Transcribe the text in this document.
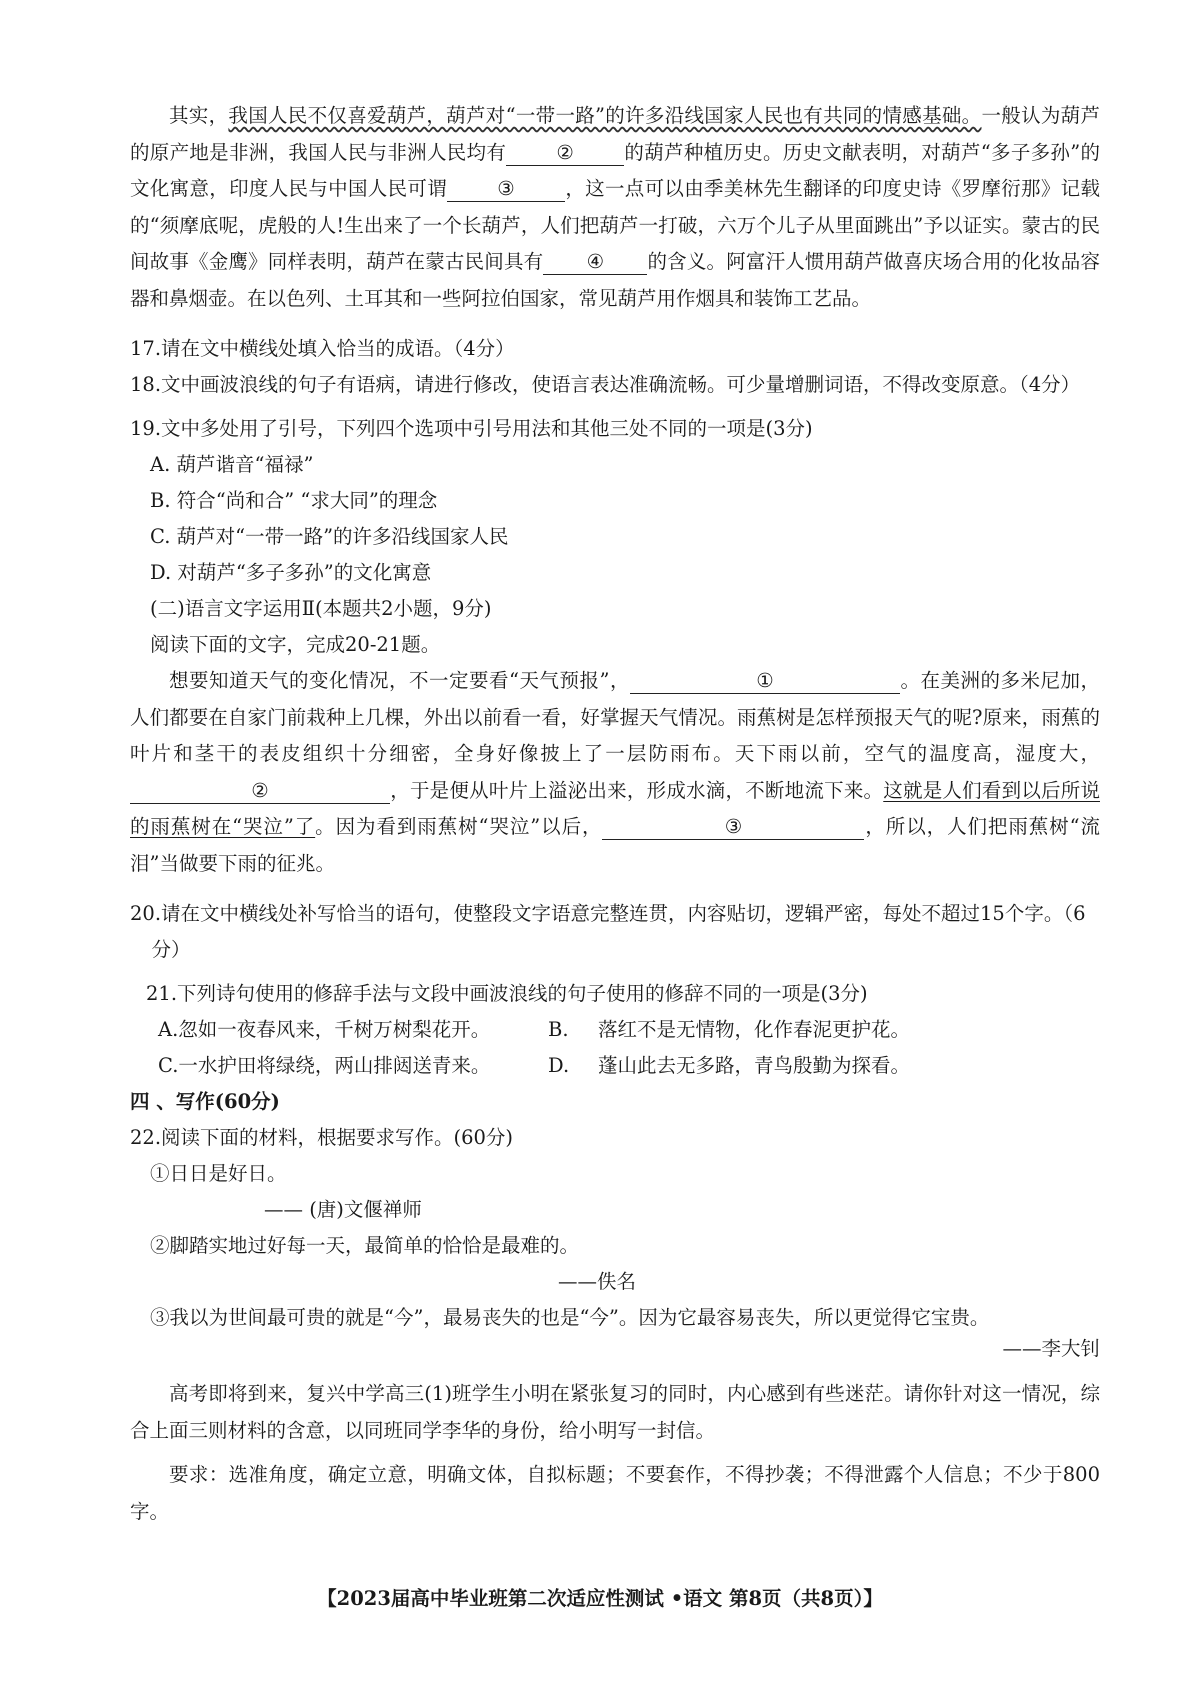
其实，我国人民不仅喜爱葫芦，葫芦对“一带一路”的许多沿线国家人民也有共同的情感基础。一般认为葫芦的原产地是非洲，我国人民与非洲人民均有	②	的葫芦种植历史。历史文献表明，对葫芦“多子多孙”的文化寓意，印度人民与中国人民可谓	③	，这一点可以由季美林先生翻译的印度史诗《罗摩衍那》记载的“须摩底呢，虎般的人!生出来了一个长葫芦，人们把葫芦一打破，六万个儿子从里面跳出”予以证实。蒙古的民间故事《金鹰》同样表明，葫芦在蒙古民间具有 ④ 的含义。阿富汗人惯用葫芦做喜庆场合用的化妆品容器和鼻烟壶。在以色列、土耳其和一些阿拉伯国家，常见葫芦用作烟具和装饰工艺品。

17.请在文中横线处填入恰当的成语。（4分）

18.文中画波浪线的句子有语病，请进行修改，使语言表达准确流畅。可少量增删词语，不得改变原意。（4分）

19.文中多处用了引号，下列四个选项中引号用法和其他三处不同的一项是(3分)

A. 葫芦谐音“福禄”

B. 符合“尚和合” “求大同”的理念

C. 葫芦对“一带一路”的许多沿线国家人民

D. 对葫芦“多子多孙”的文化寓意

(二)语言文字运用Ⅱ(本题共2小题，9分)

阅读下面的文字，完成20-21题。

想要知道天气的变化情况，不一定要看“天气预报”，	①	。在美洲的多米尼加，人们都要在自家门前栽种上几棵，外出以前看一看，好掌握天气情况。雨蕉树是怎样预报天气的呢?原来，雨蕉的叶片和茎干的表皮组织十分细密，全身好像披上了一层防雨布。天下雨以前，空气的温度高，湿度大，②	，于是便从叶片上溢泌出来，形成水滴，不断地流下来。这就是人们看到以后所说的雨蕉树在“哭泣”了。因为看到雨蕉树“哭泣”以后，	③	，所以，人们把雨蕉树“流泪”当做要下雨的征兆。

20.请在文中横线处补写恰当的语句，使整段文字语意完整连贯，内容贴切，逻辑严密，每处不超过15个字。（6分）

21.下列诗句使用的修辞手法与文段中画波浪线的句子使用的修辞不同的一项是(3分)

A.忽如一夜春风来，千树万树梨花开。	B.	落红不是无情物，化作春泥更护花。
C.一水护田将绿绕，两山排闼送青来。	D.	蓬山此去无多路，青鸟殷勤为探看。

四 、写作(60分)

22.阅读下面的材料，根据要求写作。(60分)

①日日是好日。

—— (唐)文偃禅师

②脚踏实地过好每一天，最简单的恰恰是最难的。

——佚名

③我以为世间最可贵的就是“今”，最易丧失的也是“今”。因为它最容易丧失，所以更觉得它宝贵。

——李大钊

高考即将到来，复兴中学高三(1)班学生小明在紧张复习的同时，内心感到有些迷茫。请你针对这一情况，综合上面三则材料的含意，以同班同学李华的身份，给小明写一封信。

要求：选准角度，确定立意，明确文体，自拟标题；不要套作，不得抄袭；不得泄露个人信息；不少于800字。

【2023届高中毕业班第二次适应性测试 •语文 第8页（共8页）】
